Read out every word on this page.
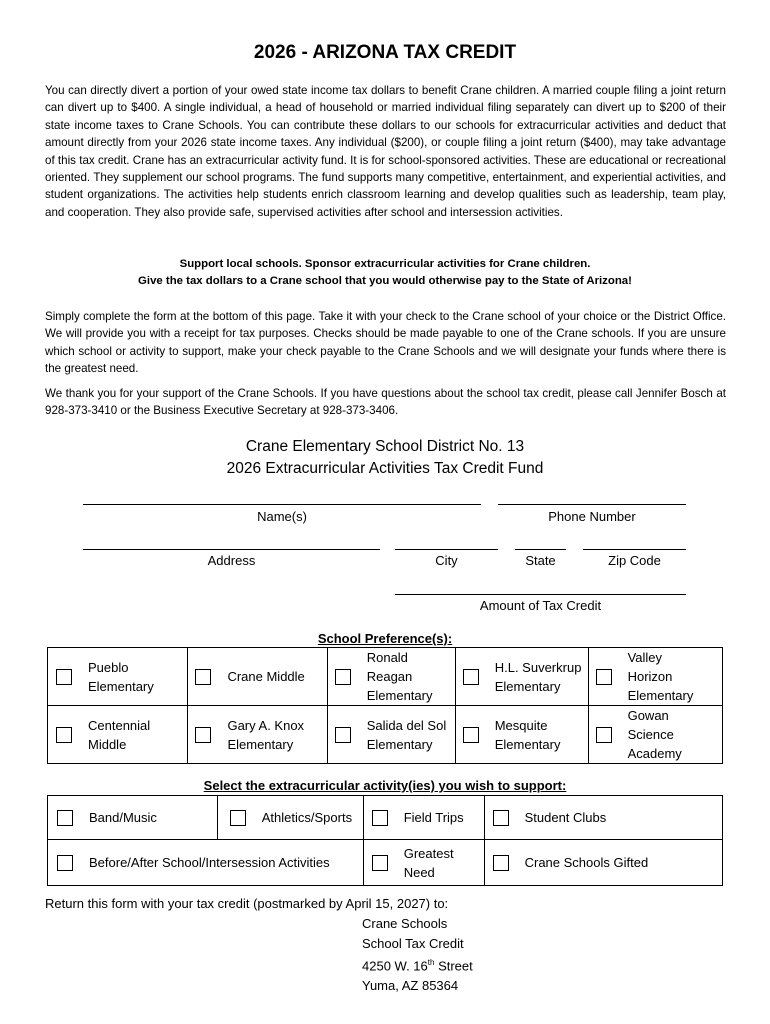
2026 - ARIZONA TAX CREDIT

You can directly divert a portion of your owed state income tax dollars to benefit Crane children. A married couple filing a joint return can divert up to $400. A single individual, a head of household or married individual filing separately can divert up to $200 of their state income taxes to Crane Schools. You can contribute these dollars to our schools for extracurricular activities and deduct that amount directly from your 2026 state income taxes. Any individual ($200), or couple filing a joint return ($400), may take advantage of this tax credit. Crane has an extracurricular activity fund. It is for school-sponsored activities. These are educational or recreational oriented. They supplement our school programs. The fund supports many competitive, entertainment, and experiential activities, and student organizations. The activities help students enrich classroom learning and develop qualities such as leadership, team play, and cooperation. They also provide safe, supervised activities after school and intersession activities.

Support local schools. Sponsor extracurricular activities for Crane children.
Give the tax dollars to a Crane school that you would otherwise pay to the State of Arizona!

Simply complete the form at the bottom of this page. Take it with your check to the Crane school of your choice or the District Office. We will provide you with a receipt for tax purposes. Checks should be made payable to one of the Crane schools. If you are unsure which school or activity to support, make your check payable to the Crane Schools and we will designate your funds where there is the greatest need.

We thank you for your support of the Crane Schools. If you have questions about the school tax credit, please call Jennifer Bosch at 928-373-3410 or the Business Executive Secretary at 928-373-3406.

Crane Elementary School District No. 13
2026 Extracurricular Activities Tax Credit Fund
Name(s)	Phone Number
Address	City	State	Zip Code
Amount of Tax Credit
School Preference(s):
Pueblo Elementary	Crane Middle	Ronald Reagan Elementary	H.L. Suverkrup Elementary	Valley Horizon Elementary

Centennial Middle	Gary A. Knox Elementary	Salida del Sol Elementary	Mesquite Elementary	Gowan Science Academy
Select the extracurricular activity(ies) you wish to support:
Band/Music	Athletics/Sports	Field Trips	Student Clubs

Before/After School/Intersession Activities		Greatest Need	Crane Schools Gifted
Return this form with your tax credit (postmarked by April 15, 2027) to:
Crane Schools
School Tax Credit
4250 W. 16th Street
Yuma, AZ 85364
